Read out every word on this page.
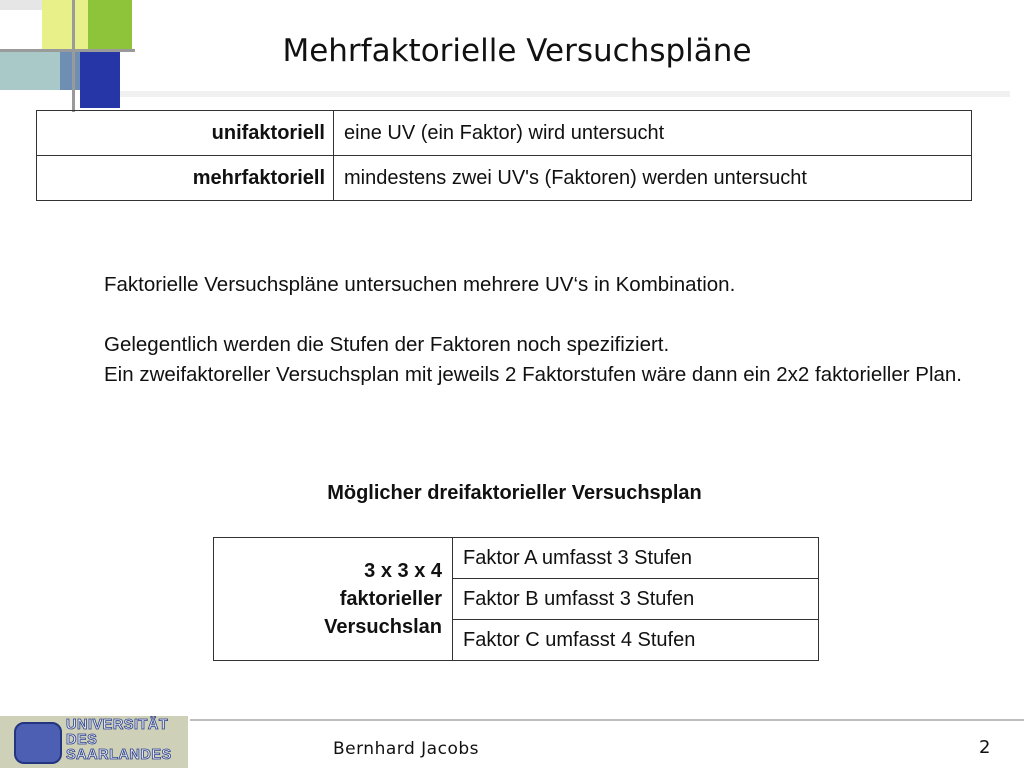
Mehrfaktorielle Versuchspläne
unifaktoriell	eine UV (ein Faktor) wird untersucht
mehrfaktoriell	mindestens zwei UV's (Faktoren) werden untersucht

Faktorielle Versuchspläne untersuchen mehrere UV‘s in Kombination.

Gelegentlich werden die Stufen der Faktoren noch spezifiziert.

Ein zweifaktoreller Versuchsplan mit jeweils 2 Faktorstufen wäre dann ein 2x2 faktorieller Plan.

Möglicher dreifaktorieller Versuchsplan
3 x 3 x 4
faktorieller
Versuchslan
	Faktor A umfasst 3 Stufen
Faktor B umfasst 3 Stufen
Faktor C umfasst 4 Stufen
UNIVERSITÄT
DES
SAARLANDES	Bernhard Jacobs	2
